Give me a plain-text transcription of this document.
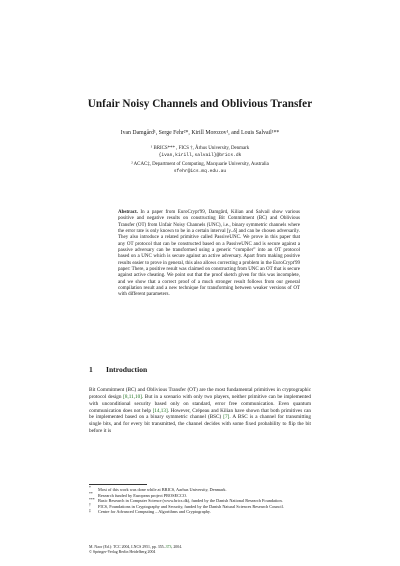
Unfair Noisy Channels and Oblivious Transfer
Ivan Damgård¹, Serge Fehr²*, Kirill Morozov¹, and Louis Salvail¹**
¹ BRICS*** , FICS †, Århus University, Denmark
{ivan,kirill,salvail}@brics.dk
² ACAC‡, Department of Computing, Macquarie University, Australia
sfehr@ics.mq.edu.au
Abstract. In a paper from EuroCrypt'99, Damgård, Kilian and Salvail show various positive and negative results on constructing Bit Commitment (BC) and Oblivious Transfer (OT) from Unfair Noisy Channels (UNC), i.e., binary symmetric channels where the error rate is only known to be in a certain interval [γ..δ] and can be chosen adversarily. They also introduce a related primitive called PassiveUNC. We prove in this paper that any OT protocol that can be constructed based on a PassiveUNC and is secure against a passive adversary can be transformed using a generic “compiler” into an OT protocol based on a UNC which is secure against an active adversary. Apart from making positive results easier to prove in general, this also allows correcting a problem in the EuroCrypt'99 paper: There, a positive result was claimed on constructing from UNC an OT that is secure against active cheating. We point out that the proof sketch given for this was incomplete, and we show that a correct proof of a much stronger result follows from our general compilation result and a new technique for transforming between weaker versions of OT with different parameters.
1 Introduction
Bit Commitment (BC) and Oblivious Transfer (OT) are the most fundamental primitives in cryptographic protocol design [8,11,10]. But in a scenario with only two players, neither primitive can be implemented with unconditional security based only on standard, error free communication. Even quantum communication does not help [14,13]. However, Crépeau and Kilian have shown that both primitives can be implemented based on a binary symmetric channel (BSC) [7]. A BSC is a channel for transmitting single bits, and for every bit transmitted, the channel decides with some fixed probability to flip the bit before it is
* Most of this work was done while at BRICS, Aarhus University, Denmark.
** Research funded by European project PROSECCO.
*** Basic Research in Computer Science (www.brics.dk), funded by the Danish National Research Foundation.
† FICS, Foundations in Cryptography and Security, funded by the Danish Natural Sciences Research Council.
‡ Centre for Advanced Computing – Algorithms and Cryptography.
M. Naor (Ed.): TCC 2004, LNCS 2951, pp. 355–373, 2004.
© Springer-Verlag Berlin Heidelberg 2004
